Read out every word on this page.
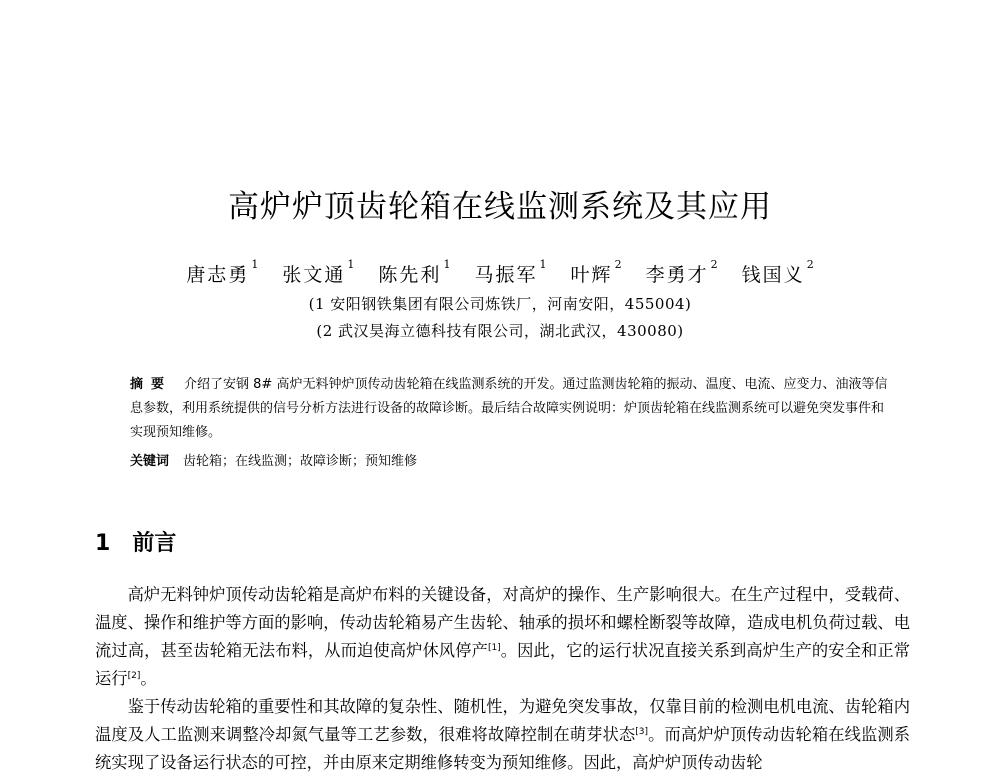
高炉炉顶齿轮箱在线监测系统及其应用
唐志勇 $^1$ 张文通 $^1$ 陈先利 $^1$ 马振军 $^1$ 叶辉 $^2$ 李勇才 $^2$ 钱国义 $^2$
(1 安阳钢铁集团有限公司炼铁厂，河南安阳，455004)
(2 武汉昊海立德科技有限公司，湖北武汉，430080)
摘要 介绍了安钢 8# 高炉无料钟炉顶传动齿轮箱在线监测系统的开发。通过监测齿轮箱的振动、温度、电流、应变力、油液等信息参数，利用系统提供的信号分析方法进行设备的故障诊断。最后结合故障实例说明：炉顶齿轮箱在线监测系统可以避免突发事件和实现预知维修。
关键词 齿轮箱；在线监测；故障诊断；预知维修
1 前言

高炉无料钟炉顶传动齿轮箱是高炉布料的关键设备，对高炉的操作、生产影响很大。在生产过程中，受载荷、温度、操作和维护等方面的影响，传动齿轮箱易产生齿轮、轴承的损坏和螺栓断裂等故障，造成电机负荷过载、电流过高，甚至齿轮箱无法布料，从而迫使高炉休风停产[1]。因此，它的运行状况直接关系到高炉生产的安全和正常运行[2]。

鉴于传动齿轮箱的重要性和其故障的复杂性、随机性，为避免突发事故，仅靠目前的检测电机电流、齿轮箱内温度及人工监测来调整冷却氮气量等工艺参数，很难将故障控制在萌芽状态[3]。而高炉炉顶传动齿轮箱在线监测系统实现了设备运行状态的可控，并由原来定期维修转变为预知维修。因此，高炉炉顶传动齿轮
